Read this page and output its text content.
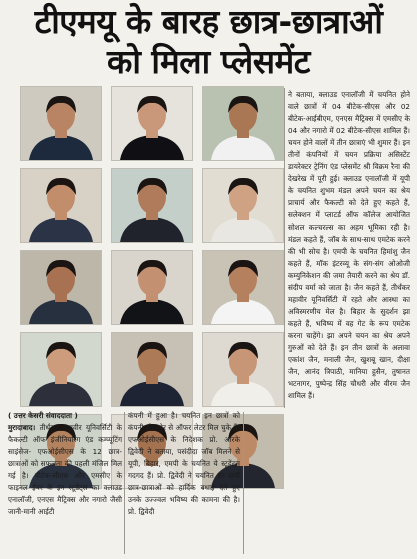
टीएमयू के बारह छात्र-छात्राओं
को मिला प्लेसमेंट

ने बताया, क्लाउड एनालॉजी में चयनित होने वाले छात्रों में 04 बीटेक-सीएस और 02 बीटेक-आईबीएम, एनएस मैट्रिक्स में एमसीए के 04 और नगारो में 02 बीटेक-सीएस शामिल हैं। चयन होने वालों में तीन छात्राएं भी शुमार हैं। इन तीनों कंपनियों में चयन प्रक्रिया असिस्टेंट डायरेक्टर ट्रेनिंग एंड प्लेसमेंट श्री विक्रम रैना की देखरेख में पूरी हुई। क्लाउड एनालॉजी में यूपी के चयनित शुभम मंडल अपने चयन का श्रेय प्राचार्य और फैकल्टी को देते हुए कहते हैं, सलेक्शन में प्लाटर्ड ऑफ कॉलेज आयोजित सोशल कल्चरल्स का अहम भूमिका रही है। मंडल कहते हैं, जॉब के साथ-साथ एमटेक करने की भी सोच है। एमपी के चयनित हिमांशु जैन कहते हैं, मॉक इंटरव्यू के संग-संग ओओजी कम्युनिकेशन की जमा तैयारी करने का श्रेय डॉ. संदीप वर्मा को जाता है। जैन कहते हैं, तीर्थंकर महावीर यूनिवर्सिटी में रहते और आस्था का अविस्मरणीय मेल है। बिहार के सुदर्शन झा कहते हैं, भविष्य में वह गेट के रूप एमटेक करना चाहेंगे। झा अपने चयन का श्रेय अपने गुरुओं को देते हैं। इन तीन छात्रों के अलावा एकांश जैन, मनाली जैन, खुशबू खान, दीक्षा जैन, आनंद त्रिपाठी, मानिया हुसैन, तुषानत भटनागर, पुष्पेन्द्र सिंह चौधरी और वीरम जैन शामिल हैं।

( उत्तर केसरी संवाददाता )
मुरादाबाद। तीर्थंकर महावीर यूनिवर्सिटी के फैकल्टी ऑफ इंजीनियरिंग एंड कम्प्यूटिंग साइंसेज- एफओईसीएस के 12 छात्र-छात्राओं को सफलता की पहली मंजिल मिल गई है। बीटेक-सीएस और एमसीए के फाइनल ईयर के इन स्टूडेंट्स का क्लाउड एनालॉजी, एनएस मैट्रिक्स और नगारो जैसी जानी-मानी आईटी

कंपनी में हुआ है। चयनित इन छात्रों को कंपनी की ओर से ऑफर लेटर मिल चुके हैं। एफओईसीएस के निदेशक प्रो. आरके द्विवेदी ने बताया, पसंदीदा जॉब मिलने से यूपी, बिहार, एमपी के चयनित ये स्टूडेंट्स गदगद हैं। प्रो. द्विवेदी ने चयनित इन सभी छात्र-छात्राओं को हार्दिक बधाई देते हुए उनके उज्ज्वल भविष्य की कामना की है। प्रो. द्विवेदी
